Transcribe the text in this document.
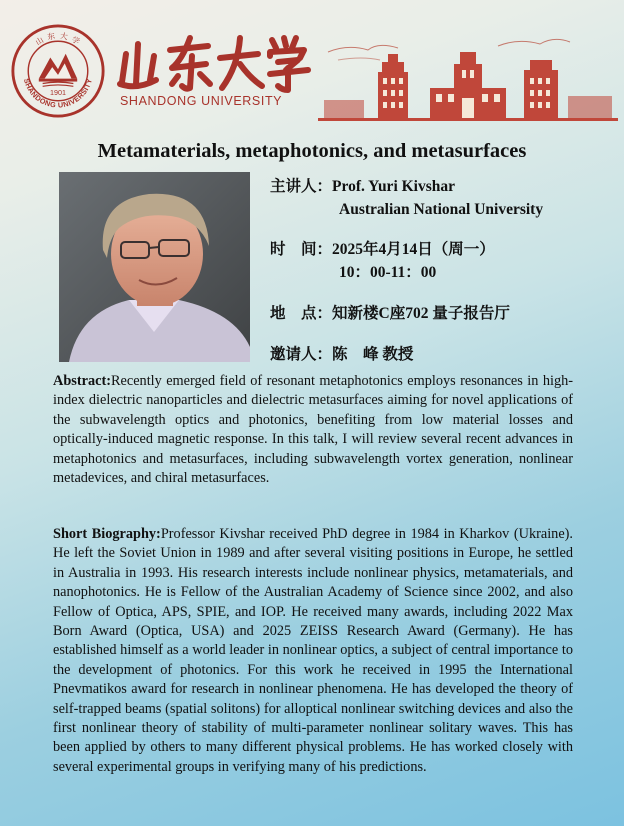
山 东 大 学
SHANDONG UNIVERSITY
1901
SHANDONG UNIVERSITY
Metamaterials, metaphotonics, and metasurfaces
主讲人：Prof. Yuri Kivshar
Australian National University
时　间：2025年4月14日（周一）
10：00-11：00
地　点：知新楼C座702 量子报告厅
邀请人：陈　峰 教授
Abstract:Recently emerged field of resonant metaphotonics employs resonances in high-index dielectric nanoparticles and dielectric metasurfaces aiming for novel applications of the subwavelength optics and photonics, benefiting from low material losses and optically-induced magnetic response. In this talk, I will review several recent advances in metaphotonics and metasurfaces, including subwavelength vortex generation, nonlinear metadevices, and chiral metasurfaces.
Short Biography:Professor Kivshar received PhD degree in 1984 in Kharkov (Ukraine). He left the Soviet Union in 1989 and after several visiting positions in Europe, he settled in Australia in 1993. His research interests include nonlinear physics, metamaterials, and nanophotonics. He is Fellow of the Australian Academy of Science since 2002, and also Fellow of Optica, APS, SPIE, and IOP. He received many awards, including 2022 Max Born Award (Optica, USA) and 2025 ZEISS Research Award (Germany). He has established himself as a world leader in nonlinear optics, a subject of central importance to the development of photonics. For this work he received in 1995 the International Pnevmatikos award for research in nonlinear phenomena. He has developed the theory of self-trapped beams (spatial solitons) for alloptical nonlinear switching devices and also the first nonlinear theory of stability of multi-parameter nonlinear solitary waves. This has been applied by others to many different physical problems. He has worked closely with several experimental groups in verifying many of his predictions.
